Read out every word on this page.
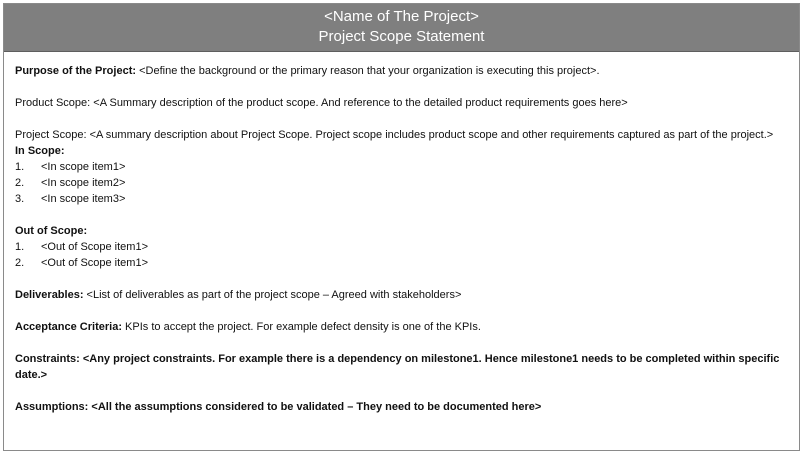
<Name of The Project>
Project Scope Statement

Purpose of the Project: <Define the background or the primary reason that your organization is executing this project>.

Product Scope: <A Summary description of the product scope. And reference to the detailed product requirements goes here>

Project Scope: <A summary description about Project Scope. Project scope includes product scope and other requirements captured as part of the project.>

In Scope:

1. <In scope item1>
2. <In scope item2>
3. <In scope item3>

Out of Scope:

1. <Out of Scope item1>
2. <Out of Scope item1>

Deliverables: <List of deliverables as part of the project scope – Agreed with stakeholders>

Acceptance Criteria: KPIs to accept the project. For example defect density is one of the KPIs.

Constraints: <Any project constraints. For example there is a dependency on milestone1. Hence milestone1 needs to be completed within specific date.>

Assumptions: <All the assumptions considered to be validated – They need to be documented here>
